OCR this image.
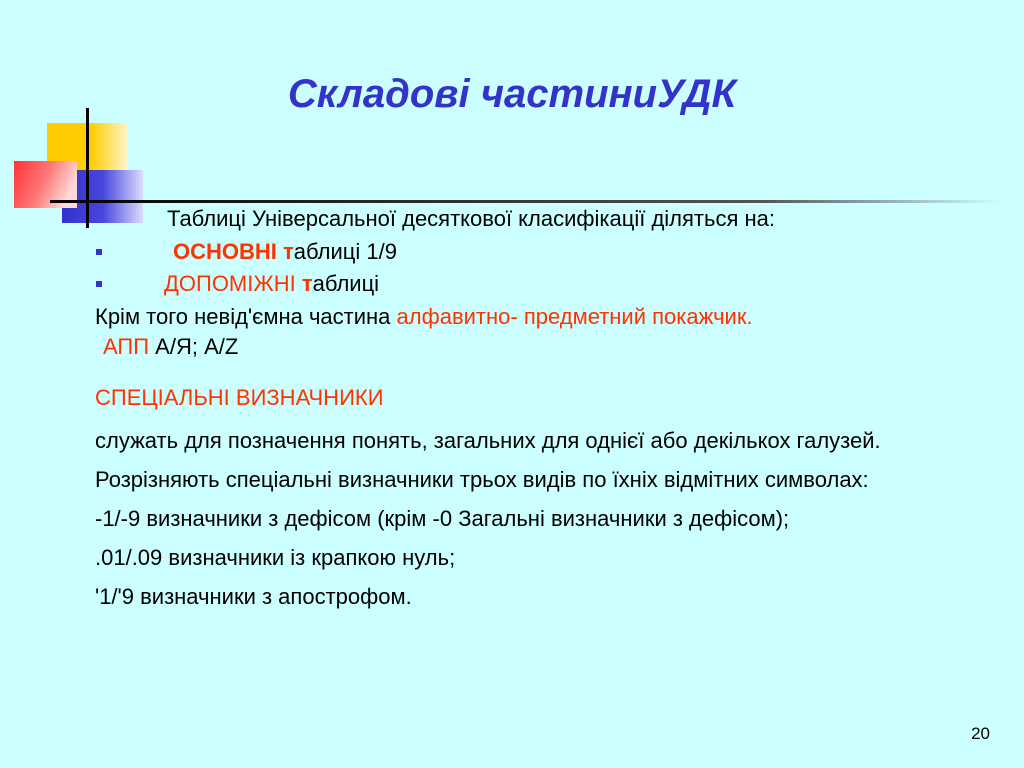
Складові частиниУДК
Таблиці Універсальної десяткової класифікації діляться на:
ОСНОВНІ таблиці 1/9
ДОПОМІЖНІ таблиці
Крім того невід'ємна частина алфавитно- предметний покажчик.
АПП А/Я; A/Z
СПЕЦІАЛЬНІ ВИЗНАЧНИКИ
служать для позначення понять, загальних для однієї або декількох галузей.
Розрізняють спеціальні визначники трьох видів по їхніх відмітних символах:
-1/-9 визначники з дефісом (крім -0 Загальні визначники з дефісом);
.01/.09 визначники із крапкою нуль;
'1/'9 визначники з апострофом.
20
